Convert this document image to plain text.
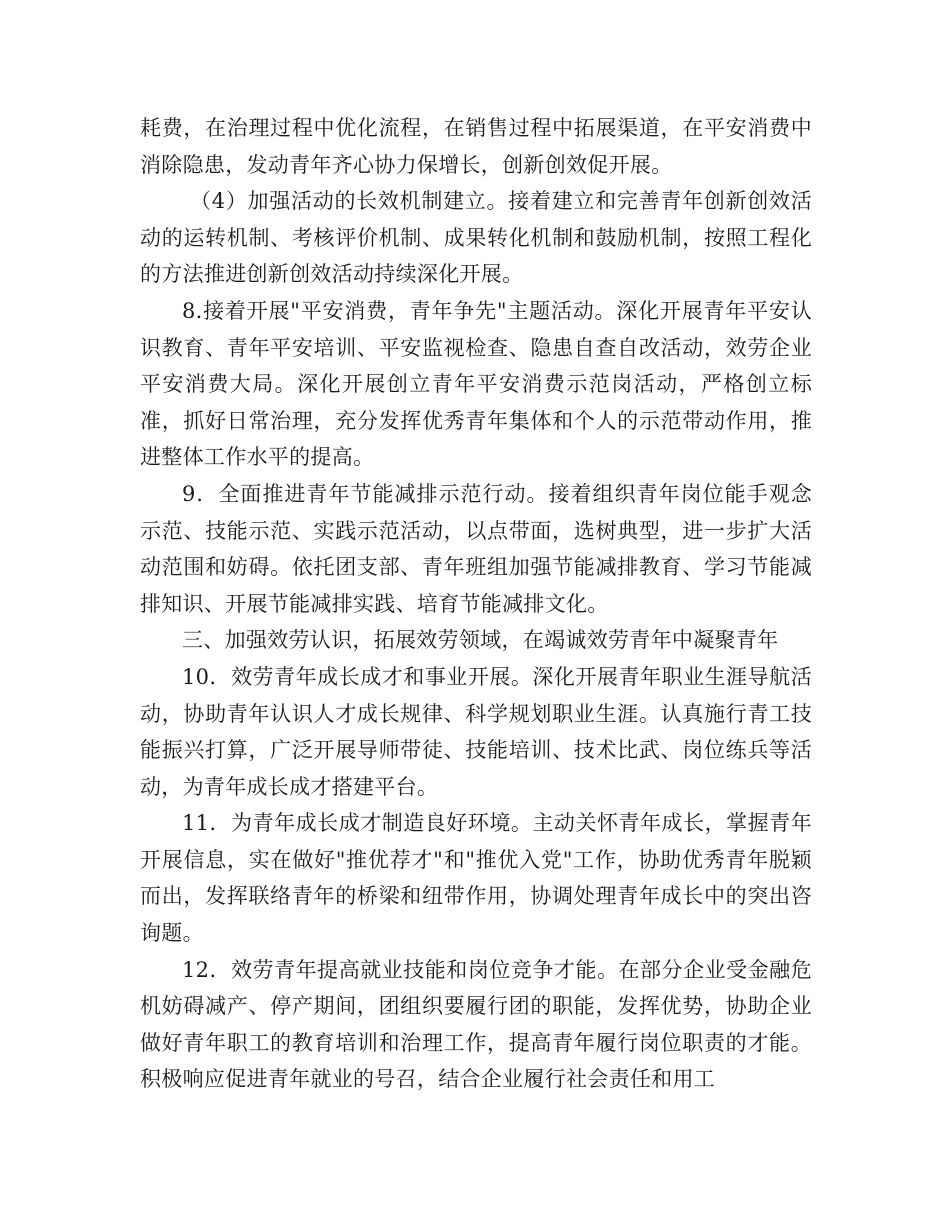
耗费，在治理过程中优化流程，在销售过程中拓展渠道，在平安消费中消除隐患，发动青年齐心协力保增长，创新创效促开展。

（4）加强活动的长效机制建立。接着建立和完善青年创新创效活动的运转机制、考核评价机制、成果转化机制和鼓励机制，按照工程化的方法推进创新创效活动持续深化开展。

8.接着开展"平安消费，青年争先"主题活动。深化开展青年平安认识教育、青年平安培训、平安监视检查、隐患自查自改活动，效劳企业平安消费大局。深化开展创立青年平安消费示范岗活动，严格创立标准，抓好日常治理，充分发挥优秀青年集体和个人的示范带动作用，推进整体工作水平的提高。

9．全面推进青年节能减排示范行动。接着组织青年岗位能手观念示范、技能示范、实践示范活动，以点带面，选树典型，进一步扩大活动范围和妨碍。依托团支部、青年班组加强节能减排教育、学习节能减排知识、开展节能减排实践、培育节能减排文化。

三、加强效劳认识，拓展效劳领域，在竭诚效劳青年中凝聚青年

10．效劳青年成长成才和事业开展。深化开展青年职业生涯导航活动，协助青年认识人才成长规律、科学规划职业生涯。认真施行青工技能振兴打算，广泛开展导师带徒、技能培训、技术比武、岗位练兵等活动，为青年成长成才搭建平台。

11．为青年成长成才制造良好环境。主动关怀青年成长，掌握青年开展信息，实在做好"推优荐才"和"推优入党"工作，协助优秀青年脱颖而出，发挥联络青年的桥梁和纽带作用，协调处理青年成长中的突出咨询题。

12．效劳青年提高就业技能和岗位竞争才能。在部分企业受金融危机妨碍减产、停产期间，团组织要履行团的职能，发挥优势，协助企业做好青年职工的教育培训和治理工作，提高青年履行岗位职责的才能。积极响应促进青年就业的号召，结合企业履行社会责任和用工
